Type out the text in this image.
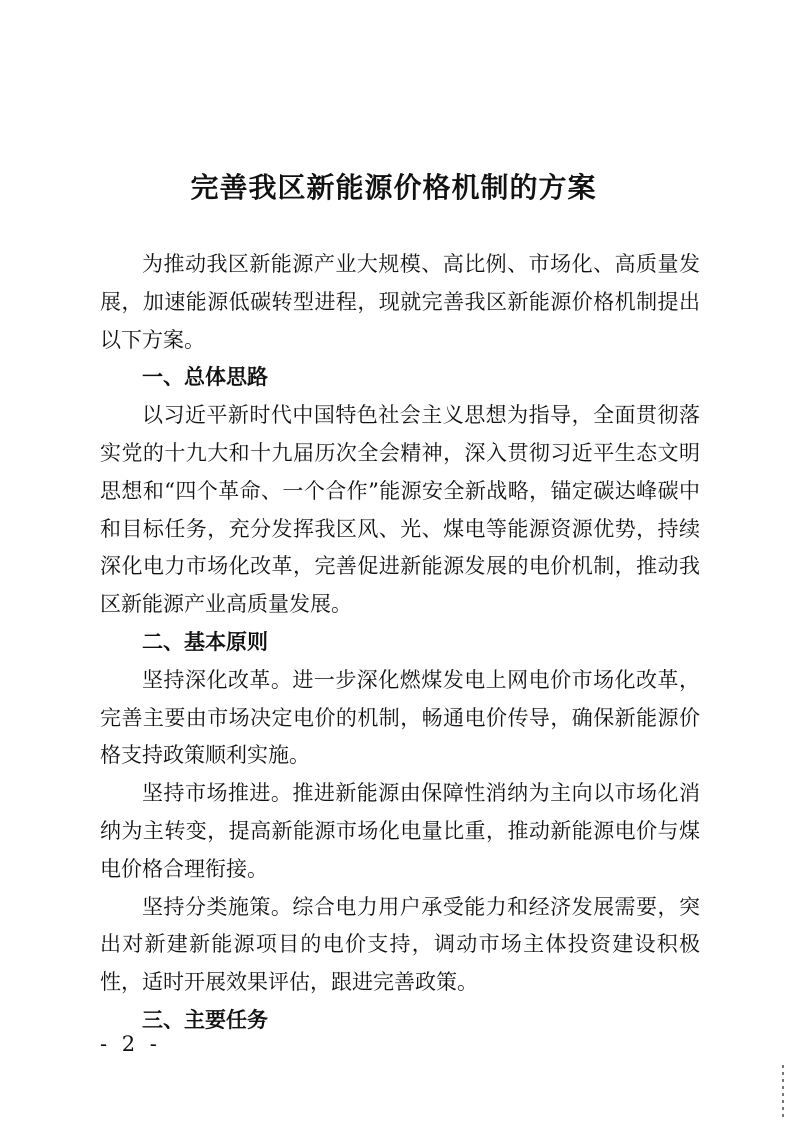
完善我区新能源价格机制的方案

为推动我区新能源产业大规模、高比例、市场化、高质量发展，加速能源低碳转型进程，现就完善我区新能源价格机制提出以下方案。

一、总体思路

以习近平新时代中国特色社会主义思想为指导，全面贯彻落实党的十九大和十九届历次全会精神，深入贯彻习近平生态文明思想和“四个革命、一个合作”能源安全新战略，锚定碳达峰碳中和目标任务，充分发挥我区风、光、煤电等能源资源优势，持续深化电力市场化改革，完善促进新能源发展的电价机制，推动我区新能源产业高质量发展。

二、基本原则

坚持深化改革。进一步深化燃煤发电上网电价市场化改革，完善主要由市场决定电价的机制，畅通电价传导，确保新能源价格支持政策顺利实施。

坚持市场推进。推进新能源由保障性消纳为主向以市场化消纳为主转变，提高新能源市场化电量比重，推动新能源电价与煤电价格合理衔接。

坚持分类施策。综合电力用户承受能力和经济发展需要，突出对新建新能源项目的电价支持，调动市场主体投资建设积极性，适时开展效果评估，跟进完善政策。

三、主要任务

- 2 -
